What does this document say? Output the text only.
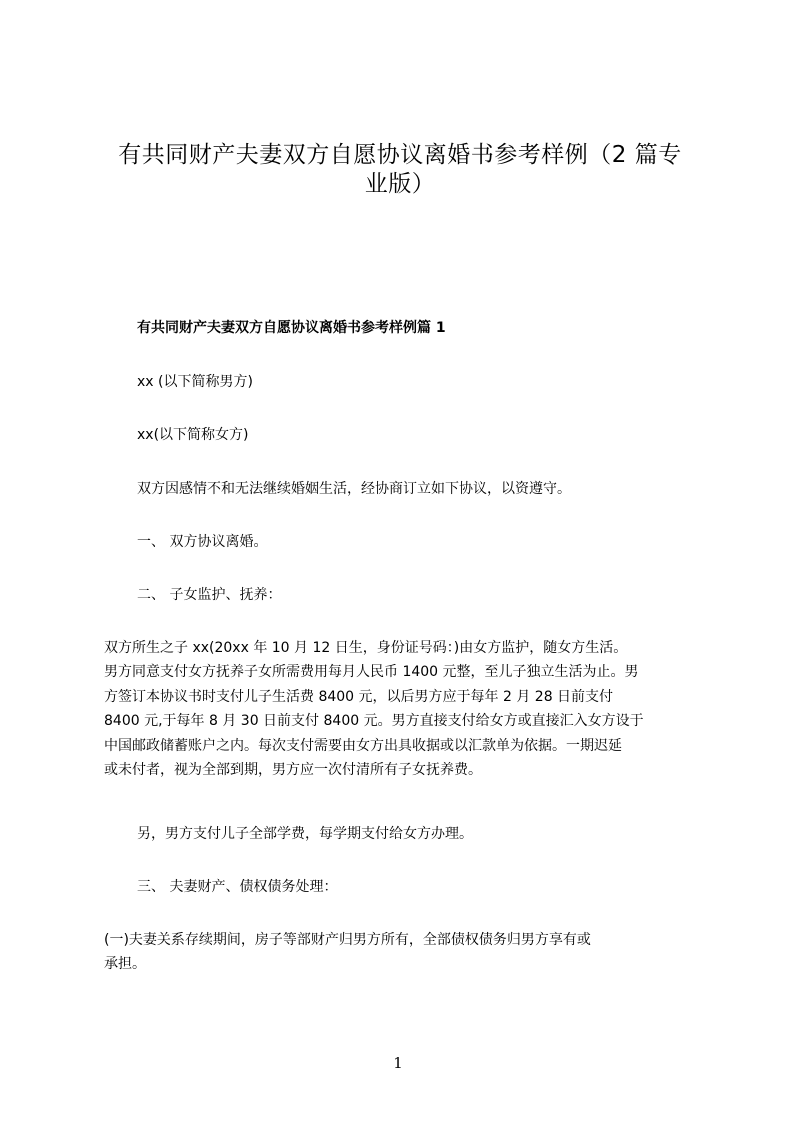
有共同财产夫妻双方自愿协议离婚书参考样例（2 篇专
业版）
有共同财产夫妻双方自愿协议离婚书参考样例篇 1
xx (以下简称男方)
xx(以下简称女方)
双方因感情不和无法继续婚姻生活，经协商订立如下协议，以资遵守。
一、 双方协议离婚。
二、 子女监护、抚养：
双方所生之子 xx(20xx 年 10 月 12 日生，身份证号码：)由女方监护，随女方生活。
男方同意支付女方抚养子女所需费用每月人民币 1400 元整，至儿子独立生活为止。男
方签订本协议书时支付儿子生活费 8400 元，以后男方应于每年 2 月 28 日前支付
8400 元,于每年 8 月 30 日前支付 8400 元。男方直接支付给女方或直接汇入女方设于
中国邮政储蓄账户之内。每次支付需要由女方出具收据或以汇款单为依据。一期迟延
或未付者，视为全部到期，男方应一次付清所有子女抚养费。
另，男方支付儿子全部学费，每学期支付给女方办理。
三、 夫妻财产、债权债务处理：
(一)夫妻关系存续期间，房子等部财产归男方所有，全部债权债务归男方享有或
承担。
1
